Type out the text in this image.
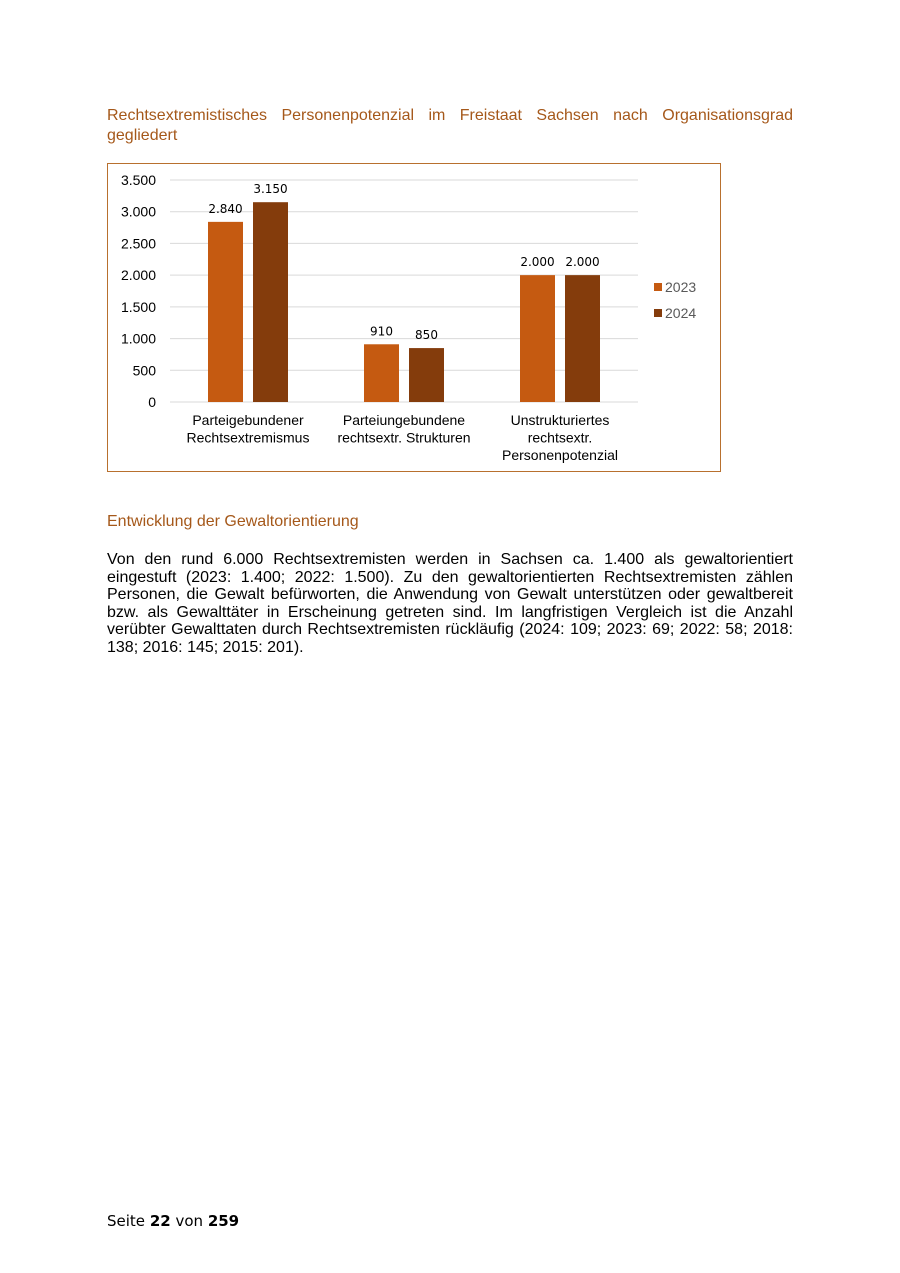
Rechtsextremistisches Personenpotenzial im Freistaat Sachsen nach Organisationsgrad gegliedert
0
500
1.000
1.500
2.000
2.500
3.000
3.500
2.840
910
2.000
3.150
850
2.000
Parteigebundener
Rechtsextremismus
Parteiungebundene
rechtsextr. Strukturen
Unstrukturiertes
rechtsextr.
Personenpotenzial
2023
2024
Entwicklung der Gewaltorientierung
Von den rund 6.000 Rechtsextremisten werden in Sachsen ca. 1.400 als gewaltorientiert eingestuft (2023: 1.400; 2022: 1.500). Zu den gewaltorientierten Rechtsextremisten zählen Personen, die Gewalt befürworten, die Anwendung von Gewalt unterstützen oder gewaltbereit bzw. als Gewalttäter in Erscheinung getreten sind. Im langfristigen Vergleich ist die Anzahl verübter Gewalttaten durch Rechtsextremisten rückläufig (2024: 109; 2023: 69; 2022: 58; 2018: 138; 2016: 145; 2015: 201).
Seite 22 von 259
